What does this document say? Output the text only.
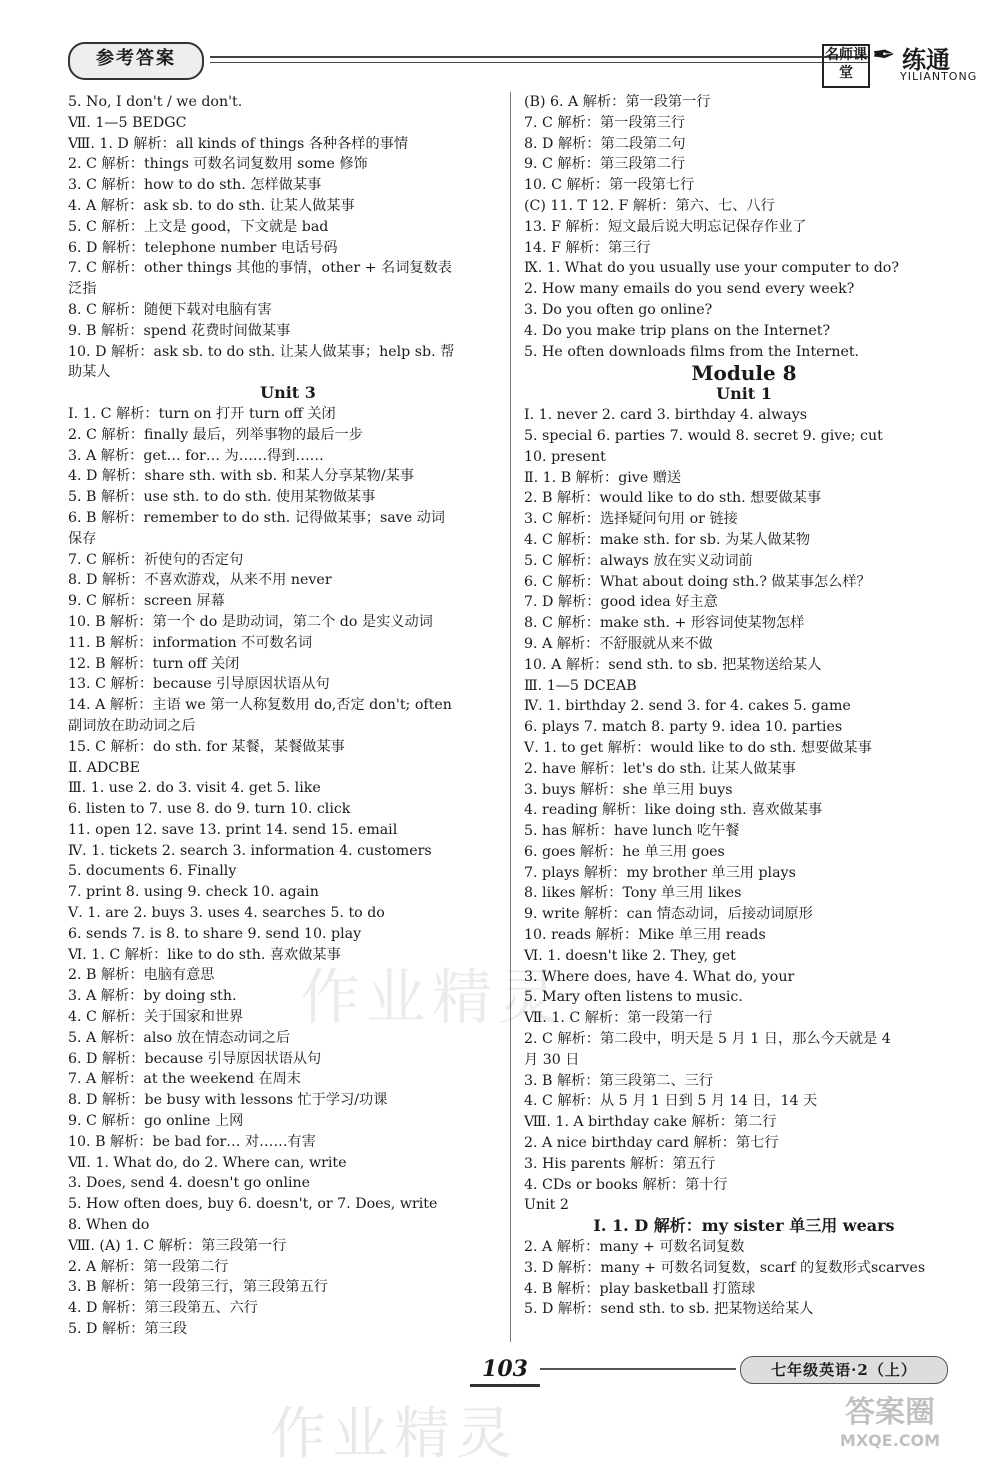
参考答案	名师课堂
✒ 练通
YILIANTONG
5. No, I don't / we don't.
Ⅶ. 1—5 BEDGC
Ⅷ. 1. D 解析：all kinds of things 各种各样的事情
2. C 解析：things 可数名词复数用 some 修饰
3. C 解析：how to do sth. 怎样做某事
4. A 解析：ask sb. to do sth. 让某人做某事
5. C 解析：上文是 good，下文就是 bad
6. D 解析：telephone number 电话号码
7. C 解析：other things 其他的事情，other + 名词复数表
泛指
8. C 解析：随便下载对电脑有害
9. B 解析：spend 花费时间做某事
10. D 解析：ask sb. to do sth. 让某人做某事；help sb. 帮
助某人
Unit 3
Ⅰ. 1. C 解析：turn on 打开 turn off 关闭
2. C 解析：finally 最后，列举事物的最后一步
3. A 解析：get… for… 为……得到……
4. D 解析：share sth. with sb. 和某人分享某物/某事
5. B 解析：use sth. to do sth. 使用某物做某事
6. B 解析：remember to do sth. 记得做某事；save 动词
保存
7. C 解析：祈使句的否定句
8. D 解析：不喜欢游戏，从来不用 never
9. C 解析：screen 屏幕
10. B 解析：第一个 do 是助动词，第二个 do 是实义动词
11. B 解析：information 不可数名词
12. B 解析：turn off 关闭
13. C 解析：because 引导原因状语从句
14. A 解析：主语 we 第一人称复数用 do,否定 don't; often
副词放在助动词之后
15. C 解析：do sth. for 某餐，某餐做某事
Ⅱ. ADCBE
Ⅲ. 1. use 2. do 3. visit 4. get 5. like
6. listen to 7. use 8. do 9. turn 10. click
11. open 12. save 13. print 14. send 15. email
Ⅳ. 1. tickets 2. search 3. information 4. customers
5. documents 6. Finally
7. print 8. using 9. check 10. again
Ⅴ. 1. are 2. buys 3. uses 4. searches 5. to do
6. sends 7. is 8. to share 9. send 10. play
Ⅵ. 1. C 解析：like to do sth. 喜欢做某事
2. B 解析：电脑有意思
3. A 解析：by doing sth.
4. C 解析：关于国家和世界
5. A 解析：also 放在情态动词之后
6. D 解析：because 引导原因状语从句
7. A 解析：at the weekend 在周末
8. D 解析：be busy with lessons 忙于学习/功课
9. C 解析：go online 上网
10. B 解析：be bad for… 对……有害
Ⅶ. 1. What do, do 2. Where can, write
3. Does, send 4. doesn't go online
5. How often does, buy 6. doesn't, or 7. Does, write
8. When do
Ⅷ. (A) 1. C 解析：第三段第一行
2. A 解析：第一段第二行
3. B 解析：第一段第三行，第三段第五行
4. D 解析：第三段第五、六行
5. D 解析：第三段
(B) 6. A 解析：第一段第一行
7. C 解析：第一段第三行
8. D 解析：第二段第二句
9. C 解析：第三段第二行
10. C 解析：第一段第七行
(C) 11. T 12. F 解析：第六、七、八行
13. F 解析：短文最后说大明忘记保存作业了
14. F 解析：第三行
Ⅸ. 1. What do you usually use your computer to do?
2. How many emails do you send every week?
3. Do you often go online?
4. Do you make trip plans on the Internet?
5. He often downloads films from the Internet.
Module 8
Unit 1
Ⅰ. 1. never 2. card 3. birthday 4. always
5. special 6. parties 7. would 8. secret 9. give; cut
10. present
Ⅱ. 1. B 解析：give 赠送
2. B 解析：would like to do sth. 想要做某事
3. C 解析：选择疑问句用 or 链接
4. C 解析：make sth. for sb. 为某人做某物
5. C 解析：always 放在实义动词前
6. C 解析：What about doing sth.? 做某事怎么样？
7. D 解析：good idea 好主意
8. C 解析：make sth. + 形容词使某物怎样
9. A 解析：不舒服就从来不做
10. A 解析：send sth. to sb. 把某物送给某人
Ⅲ. 1—5 DCEAB
Ⅳ. 1. birthday 2. send 3. for 4. cakes 5. game
6. plays 7. match 8. party 9. idea 10. parties
Ⅴ. 1. to get 解析：would like to do sth. 想要做某事
2. have 解析：let's do sth. 让某人做某事
3. buys 解析：she 单三用 buys
4. reading 解析：like doing sth. 喜欢做某事
5. has 解析：have lunch 吃午餐
6. goes 解析：he 单三用 goes
7. plays 解析：my brother 单三用 plays
8. likes 解析：Tony 单三用 likes
9. write 解析：can 情态动词，后接动词原形
10. reads 解析：Mike 单三用 reads
Ⅵ. 1. doesn't like 2. They, get
3. Where does, have 4. What do, your
5. Mary often listens to music.
Ⅶ. 1. C 解析：第一段第一行
2. C 解析：第二段中，明天是 5 月 1 日，那么今天就是 4
月 30 日
3. B 解析：第三段第二、三行
4. C 解析：从 5 月 1 日到 5 月 14 日，14 天
Ⅷ. 1. A birthday cake 解析：第二行
2. A nice birthday card 解析：第七行
3. His parents 解析：第五行
4. CDs or books 解析：第十行
Unit 2
Ⅰ. 1. D 解析：my sister 单三用 wears
2. A 解析：many + 可数名词复数
3. D 解析：many + 可数名词复数，scarf 的复数形式scarves
4. B 解析：play basketball 打篮球
5. D 解析：send sth. to sb. 把某物送给某人
作业精灵
作业精灵
103	七年级英语·2（上）
答案圈
MXQE.COM
